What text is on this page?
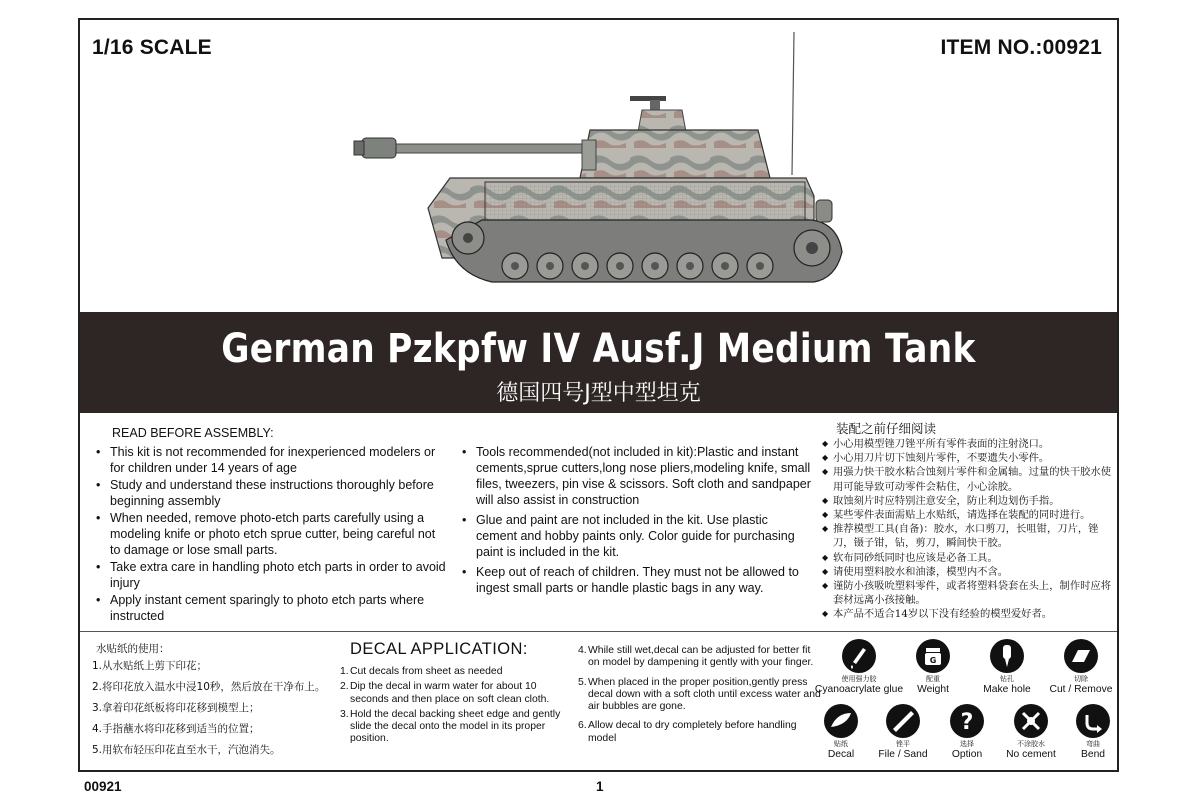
1/16 SCALE	ITEM NO.:00921
German Pzkpfw IV Ausf.J Medium Tank
德国四号J型中型坦克
READ BEFORE ASSEMBLY:
• This kit is not recommended for inexperienced modelers or for children under 14 years of age
• Study and understand these instructions thoroughly before beginning assembly
• When needed, remove photo-etch parts carefully using a modeling knife or photo etch sprue cutter, being careful not to damage or lose small parts.
• Take extra care in handling photo etch parts in order to avoid injury
• Apply instant cement sparingly to photo etch parts where instructed
• Tools recommended(not included in kit):Plastic and instant cements,sprue cutters,long nose pliers,modeling knife, small files, tweezers, pin vise & scissors. Soft cloth and sandpaper will also assist in construction
• Glue and paint are not included in the kit. Use plastic cement and hobby paints only. Color guide for purchasing paint is included in the kit.
• Keep out of reach of children. They must not be allowed to ingest small parts or handle plastic bags in any way.
装配之前仔细阅读
◆ 小心用模型锉刀锉平所有零件表面的注射浇口。
◆ 小心用刀片切下蚀刻片零件，不要遗失小零件。
◆ 用强力快干胶水粘合蚀刻片零件和金属轴。过量的快干胶水使用可能导致可动零件会粘住，小心涂胶。
◆ 取蚀刻片时应特别注意安全，防止利边划伤手指。
◆ 某些零件表面需贴上水贴纸，请选择在装配的同时进行。
◆ 推荐模型工具(自备)：胶水，水口剪刀，长咀钳，刀片，锉刀，镊子钳，钻，剪刀，瞬间快干胶。
◆ 软布同砂纸同时也应该是必备工具。
◆ 请使用塑料胶水和油漆，模型内不含。
◆ 谨防小孩吸吮塑料零件，或者将塑料袋套在头上，制作时应将套材远离小孩接触。
◆ 本产品不适合14岁以下没有经验的模型爱好者。
水贴纸的使用：
1.从水贴纸上剪下印花；
2.将印花放入温水中浸10秒，然后放在干净布上。
3.拿着印花纸板将印花移到模型上；
4.手指蘸水将印花移到适当的位置；
5.用软布轻压印花直至水干，汽泡消失。
DECAL APPLICATION:
1. Cut decals from sheet as needed
2. Dip the decal in warm water for about 10 seconds and then place on soft clean cloth.
3. Hold the decal backing sheet edge and gently slide the decal onto the model in its proper position.
4. While still wet,decal can be adjusted for better fit on model by dampening it gently with your finger.
5. When placed in the proper position,gently press decal down with a soft cloth until excess water and air bubbles are gone.
6. Allow decal to dry completely before handling model
使用强力胶
Cyanoacrylate glue
G
配重
Weight
钻孔
Make hole
切除
Cut / Remove
贴纸
Decal
锉平
File / Sand
?
选择
Option
不涂胶水
No cement
弯曲
Bend
00921	1
